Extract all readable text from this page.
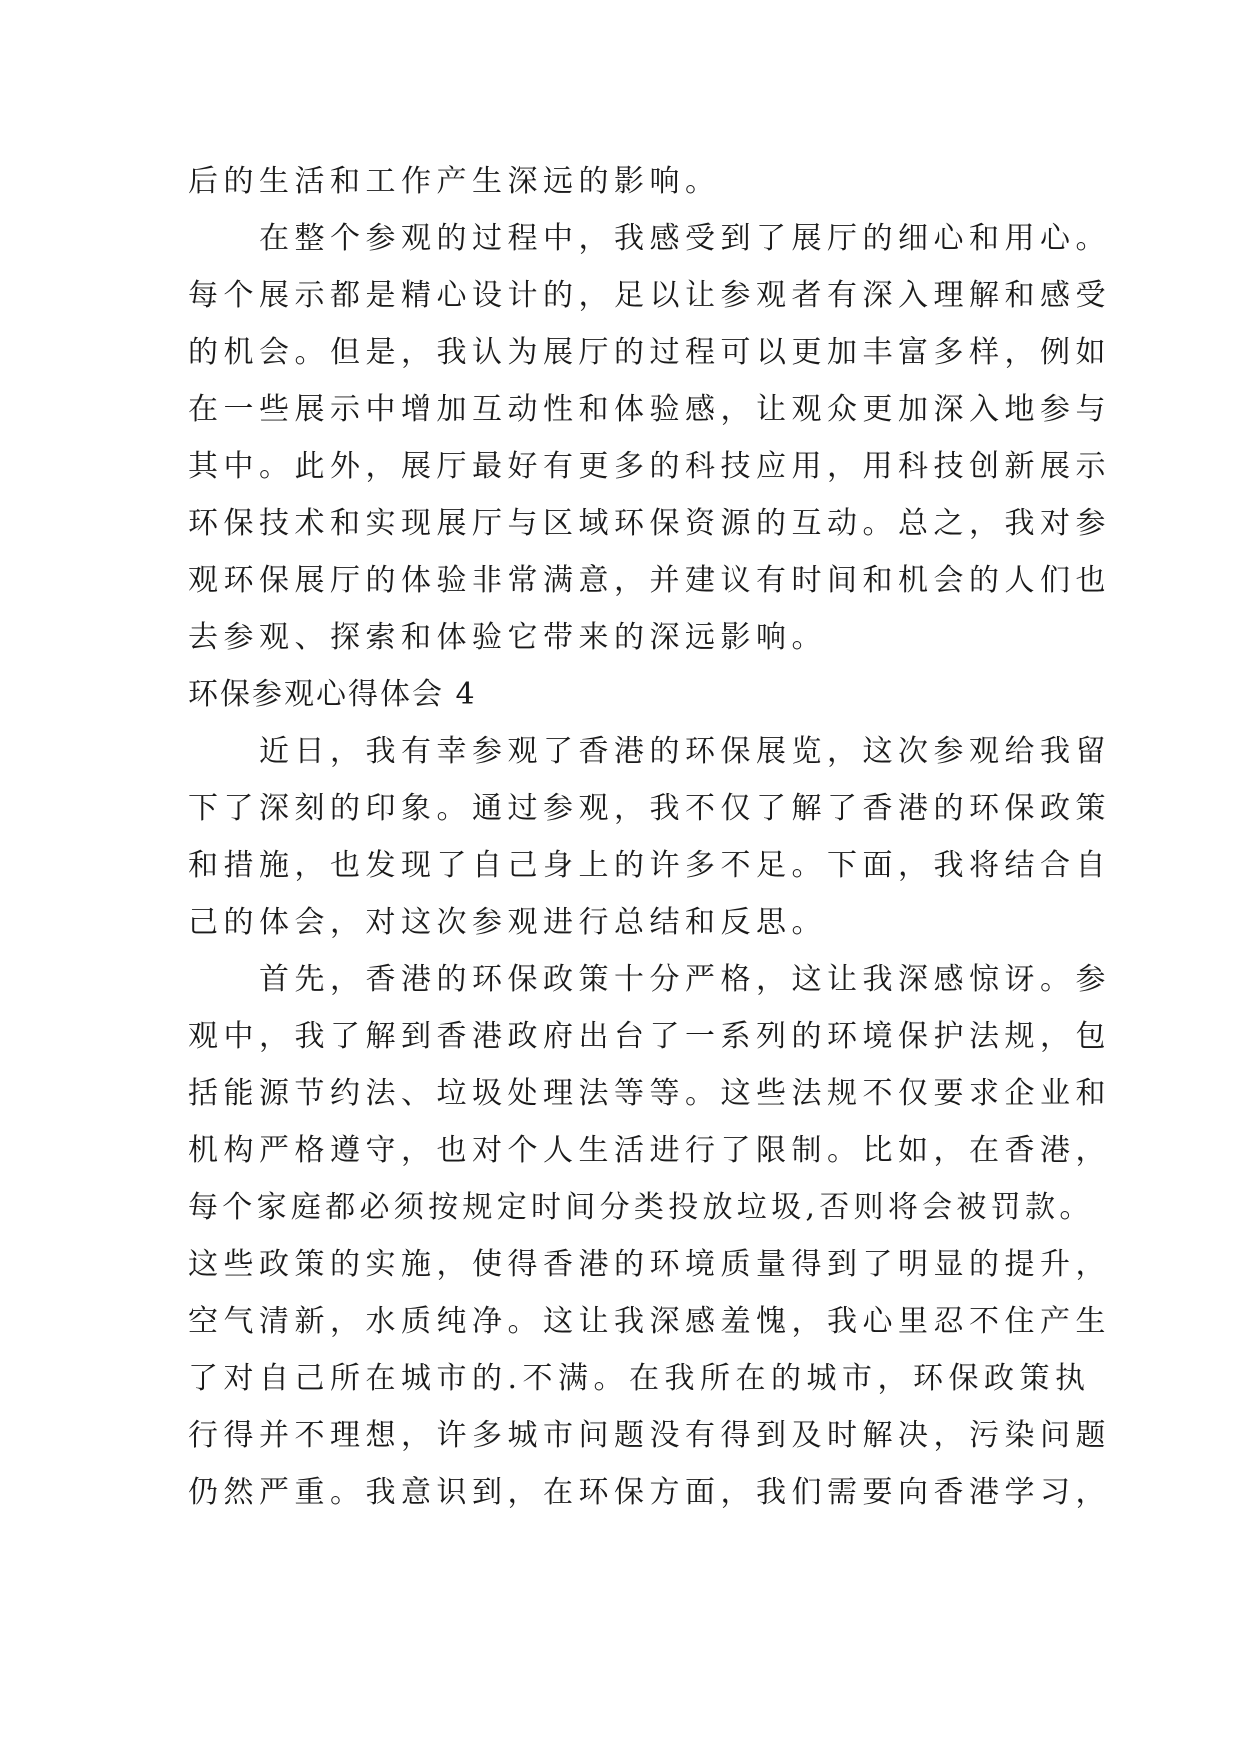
后的生活和工作产生深远的影响。
　　在整个参观的过程中，我感受到了展厅的细心和用心。
每个展示都是精心设计的，足以让参观者有深入理解和感受
的机会。但是，我认为展厅的过程可以更加丰富多样，例如
在一些展示中增加互动性和体验感，让观众更加深入地参与
其中。此外，展厅最好有更多的科技应用，用科技创新展示
环保技术和实现展厅与区域环保资源的互动。总之，我对参
观环保展厅的体验非常满意，并建议有时间和机会的人们也
去参观、探索和体验它带来的深远影响。
环保参观心得体会 4
　　近日，我有幸参观了香港的环保展览，这次参观给我留
下了深刻的印象。通过参观，我不仅了解了香港的环保政策
和措施，也发现了自己身上的许多不足。下面，我将结合自
己的体会，对这次参观进行总结和反思。
　　首先，香港的环保政策十分严格，这让我深感惊讶。参
观中，我了解到香港政府出台了一系列的环境保护法规，包
括能源节约法、垃圾处理法等等。这些法规不仅要求企业和
机构严格遵守，也对个人生活进行了限制。比如，在香港，
每个家庭都必须按规定时间分类投放垃圾,否则将会被罚款。
这些政策的实施，使得香港的环境质量得到了明显的提升，
空气清新，水质纯净。这让我深感羞愧，我心里忍不住产生
了对自己所在城市的.不满。在我所在的城市，环保政策执
行得并不理想，许多城市问题没有得到及时解决，污染问题
仍然严重。我意识到，在环保方面，我们需要向香港学习，
